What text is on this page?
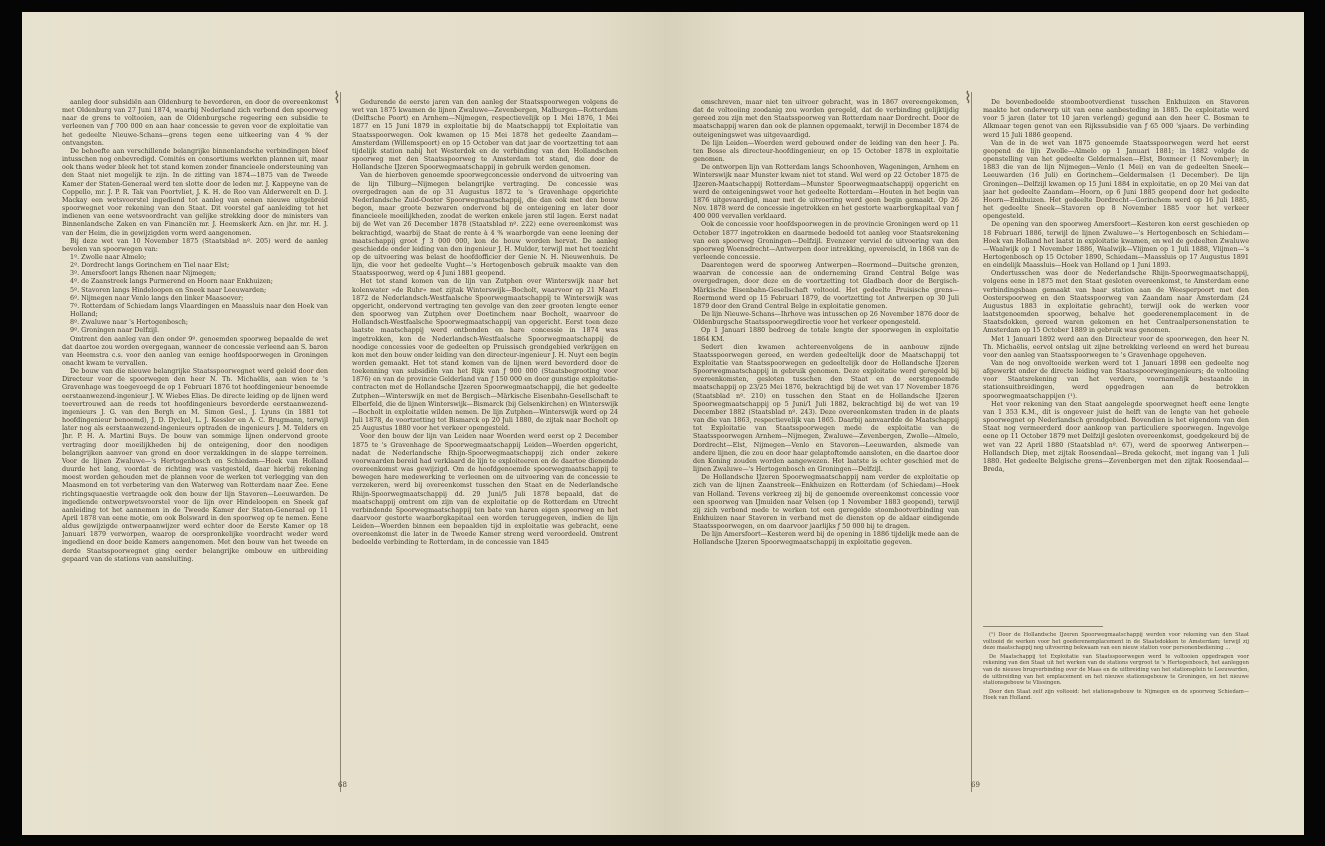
aanleg door subsidiën aan Oldenburg te bevorderen, en door de overeenkomst met Oldenburg van 27 Juni 1874, waarbij Nederland zich verbond den spoorweg naar de grens te voltooien, aan de Oldenburgsche regeering een subsidie te verleenen van ƒ 700 000 en aan haar concessie te geven voor de exploitatie van het gedeelte Nieuwe-Schans—grens tegen eene uitkeering van 4 % der ontvangsten.

De behoefte aan verschillende belangrijke binnenlandsche verbindingen bleef intusschen nog onbevredigd. Comités en consortiums werkten plannen uit, maar ook thans weder bleek het tot stand komen zonder financieele ondersteuning van den Staat niet mogelijk te zijn. In de zitting van 1874—1875 van de Tweede Kamer der Staten-Generaal werd ten slotte door de leden mr. J. Kappeyne van de Coppello, mr. J. P. R. Tak van Poortvliet, J. K. H. de Roo van Alderwerelt en D. J. Mackay een wetsvoorstel ingediend tot aanleg van eenen nieuwe uitgebreid spoorwegnet voor rekening van den Staat. Dit voorstel gaf aanleiding tot het indienen van eene wetsvoordracht van gelijke strekking door de ministers van Binnenlandsche Zaken en van Financiën mr. J. Heemskerk Azn. en jhr. mr. H. J. van der Heim, die in gewijzigden vorm werd aangenomen.

Bij deze wet van 10 November 1875 (Staatsblad nº. 205) werd de aanleg bevolen van spoorwegen van:

1º. Zwolle naar Almelo;

2º. Dordrecht langs Gorinchem en Tiel naar Elst;

3º. Amersfoort langs Rhenen naar Nijmegen;

4º. de Zaanstreek langs Purmerend en Hoorn naar Enkhuizen;

5º. Stavoren langs Hindeloopen en Sneek naar Leeuwarden;

6º. Nijmegen naar Venlo langs den linker Maasoever;

7º. Rotterdam of Schiedam langs Vlaardingen en Maassluis naar den Hoek van Holland;

8º. Zwaluwe naar 's Hertogenbosch;

9º. Groningen naar Delfzijl.

Omtrent den aanleg van den onder 9º. genoemden spoorweg bepaalde de wet dat daartoe zou worden overgegaan, wanneer de concessie verleend aan S. baron van Heemstra c.s. voor den aanleg van eenige hoofdspoorwegen in Groningen onacht kwam te vervallen.

De bouw van die nieuwe belangrijke Staatsspoorwegnet werd geleid door den Directeur voor de spoorwegen den heer N. Th. Michaëlis, aan wien te 's Gravenhage was toegevoegd de op 1 Februari 1876 tot hoofdingenieur benoemde eerstaanwezend-ingenieur J. W. Wiebes Elias. De directe leiding op de lijnen werd toevertrouwd aan de reeds tot hoofdingenieurs bevorderde eerstaanwezend-ingenieurs J. G. van den Bergh en M. Simon Gesl., J. Lyuns (in 1881 tot hoofdingenieur benoemd), J. D. Dyckel, L. J. Kessler en A. C. Brugmann, terwijl later nog als eerstaanwezend-ingenieurs optraden de ingenieurs J. M. Telders en Jhr. P. H. A. Martini Buys. De bouw van sommige lijnen ondervond groote vertraging door moeilijkheden bij de onteigening, door den noodigen belangrijken aanvoer van grond en door verzakkingen in de slappe terreinen. Voor de lijnen Zwaluwe—'s Hertogenbosch en Schiedam—Hoek van Holland duurde het lang, voordat de richting was vastgesteld, daar hierbij rekening moest worden gehouden met de plannen voor de werken tot verlegging van den Maasmond en tot verbetering van den Waterweg van Rotterdam naar Zee. Eene richtingsquaestie vertraagde ook den bouw der lijn Stavoren—Leeuwarden. De ingediende ontwerpwetsvoorstel voor de lijn over Hindeloopen en Sneek gaf aanleiding tot het aannemen in de Tweede Kamer der Staten-Generaal op 11 April 1878 van eene motie, om ook Bolsward in den spoorweg op te nemen. Eene aldus gewijzigde ontwerpaanwijzer werd echter door de Eerste Kamer op 18 Januari 1879 verworpen, waarop de oorspronkelijke voordracht weder werd ingediend en door beide Kamers aangenomen. Met den bouw van het tweede en derde Staatsspoorwegnet ging eerder belangrijke ombouw en uitbreiding gepaard van de stations van aansluiting.

⌇	Gedurende de eerste jaren van den aanleg der Staatsspoorwegen volgens de wet van 1875 kwamen de lijnen Zwaluwe—Zevenbergen, Malburgen—Rotterdam (Delftsche Poort) en Arnhem—Nijmegen, respectievelijk op 1 Mei 1876, 1 Mei 1877 en 15 Juni 1879 in exploitatie bij de Maatschappij tot Exploitatie van Staatsspoorwegen. Ook kwamen op 15 Mei 1878 het gedeelte Zaandam—Amsterdam (Willemspoort) en op 15 October van dat jaar de voortzetting tot aan tijdelijk station nabij het Westerdok en de verbinding van den Hollandschen spoorweg met den Staatsspoorweg te Amsterdam tot stand, die door de Hollandsche IJzeren Spoorwegmaatschappij in gebruik werden genomen.

Van de hierboven genoemde spoorwegconcessie ondervond de uitvoering van de lijn Tilburg—Nijmegen belangrijke vertraging. De concessie was overgedragen aan de op 31 Augustus 1872 te 's Gravenhage opgerichte Nederlandsche Zuid-Ooster Spoorwegmaatschappij, die dan ook met den bouw begon, maar groote bezwaren ondervond bij de onteigening en later door financieele moeilijkheden, zoodat de werken enkele jaren stil lagen. Eerst nadat bij de Wet van 26 December 1878 (Staatsblad nº. 222) eene overeenkomst was bekrachtigd, waarbij de Staat de rente à 4 % waarborgde van eene leening der maatschappij groot ƒ 3 000 000, kon de bouw worden hervat. De aanleg geschiedde onder leiding van den ingenieur J. H. Mulder, terwijl met het toezicht op de uitvoering was belast de hoofdofficier der Genie N. H. Nieuwenhuis. De lijn, die voor het gedeelte Vught—'s Hertogenbosch gebruik maakte van den Staatsspoorweg, werd op 4 Juni 1881 geopend.

Het tot stand komen van de lijn van Zutphen over Winterswijk naar het kolenwater »de Ruhr« met zijtak Winterswijk—Bocholt, waarvoor op 21 Maart 1872 de Nederlandsch-Westfaalsche Spoorwegmaatschappij te Winterswijk was opgericht, ondervond vertraging ten gevolge van den zeer grooten lengte eener den spoorweg van Zutphen over Doetinchem naar Bocholt, waarvoor de Hollandsch-Westfaalsche Spoorwegmaatschappij van opgericht. Eerst toen deze laatste maatschappij werd ontbonden en hare concessie in 1874 was ingetrokken, kon de Nederlandsch-Westfaalsche Spoorwegmaatschappij de noodige concessies voor de gedeelten op Pruissisch grondgebied verkrijgen en kon met den bouw onder leiding van den directeur-ingenieur J. H. Nuyt een begin worden gemaakt. Het tot stand komen van de lijnen werd bevorderd door de toekenning van subsidiën van het Rijk van ƒ 900 000 (Staatsbegrooting voor 1876) en van de provincie Gelderland van ƒ 150 000 en door gunstige exploitatie-contracten met de Hollandsche IJzeren Spoorwegmaatschappij, die het gedeelte Zutphen—Winterswijk en met de Bergisch—Märkische Eisenbahn-Gesellschaft te Elberfeld, die de lijnen Winterswijk—Bismarck (bij Gelsenkirchen) en Winterswijk—Bocholt in exploitatie wilden nemen. De lijn Zutphen—Winterswijk werd op 24 Juli 1878, de voortzetting tot Bismarck op 20 Juli 1880, de zijtak naar Bocholt op 25 Augustus 1880 voor het verkeer opengesteld.

Voor den bouw der lijn van Leiden naar Woerden werd eerst op 2 December 1875 te 's Gravenhage de Spoorwegmaatschappij Leiden—Woerden opgericht, nadat de Nederlandsche Rhijn-Spoorwegmaatschappij zich onder zekere voorwaarden bereid had verklaard de lijn te exploiteeren en de daartoe dienende overeenkomst was gewijzigd. Om de hoofdgenoemde spoorwegmaatschappij te bewegen hare medewerking te verleenen om de uitvoering van de concessie te verzekeren, werd bij overeenkomst tusschen den Staat en de Nederlandsche Rhijn-Spoorwegmaatschappij dd. 29 Juni/5 Juli 1878 bepaald, dat de maatschappij omtrent om zijn van de exploitatie op de Rotterdam en Utrecht verbindende Spoorwegmaatschappij ten bate van haren eigen spoorweg en het daarvoor gestorte waarborgkapitaal een worden teruggegeven, indien de lijn Leiden—Woerden binnen een bepaalden tijd in exploitatie was gebracht, eene overeenkomst die later in de Tweede Kamer streng werd veroordeeld. Omtrent bedoelde verbinding te Rotterdam, in de concessie van 1845

68

omschreven, maar niet ten uitvoer gebracht, was in 1867 overeengekomen, dat de voltooiing zoodanig zou worden geregeld, dat de verbinding gelijktijdig gereed zou zijn met den Staatsspoorweg van Rotterdam naar Dordrecht. Door de maatschappij waren dan ook de plannen opgemaakt, terwijl in December 1874 de outeigeningswet was uitgevaardigd.

De lijn Leiden—Woerden werd gebouwd onder de leiding van den heer J. Pa. ten Bosse als directeur-hoofdingenieur, en op 15 October 1878 in exploitatie genomen.

De ontworpen lijn van Rotterdam langs Schoonhoven, Wageningen, Arnhem en Winterswijk naar Munster kwam niet tot stand. Wel werd op 22 October 1875 de IJzeren-Maatschappij Rotterdam—Munster Spoorwegmaatschappij opgericht en werd de onteigeningswet voor het gedeelte Rotterdam—Houten in het begin van 1876 uitgevaardigd, maar met de uitvoering werd geen begin gemaakt. Op 26 Nov. 1878 werd de concessie ingetrokken en het gestorte waarborgkapitaal van ƒ 400 000 vervallen verklaard.

Ook de concessie voor hoofdspoorwegen in de provincie Groningen werd op 11 October 1877 ingetrokken en daarmede bedoeld tot aanleg voor Staatsrekening van een spoorweg Groningen—Delfzijl. Evenzeer verviel de uitvoering van den spoorweg Woensdrecht—Antwerpen door intrekking, opvereiscld, in 1868 van de verleende concessie.

Daarentegen werd de spoorweg Antwerpen—Roermond—Duitsche grenzen, waarvan de concessie aan de onderneming Grand Central Belge was overgedragen, door deze en de voortzetting tot Gladbach door de Bergisch-Märkische Eisenbahn-Gesellschaft voltooid. Het gedeelte Pruisische grens—Roermond werd op 15 Februari 1879, de voortzetting tot Antwerpen op 30 Juli 1879 door den Grand Central Belge in exploitatie genomen.

De lijn Nieuwe-Schans—Ihrhove was intusschen op 26 November 1876 door de Oldenburgsche Staatsspoorwegdirectie voor het verkeer opengesteld.

Op 1 Januari 1880 bedroeg de totale lengte der spoorwegen in exploitatie 1864 KM.

Sedert dien kwamen achtereenvolgens de in aanbouw zijnde Staatsspoorwegen gereed, en werden gedeeltelijk door de Maatschappij tot Exploitatie van Staatsspoorwegen en gedeeltelijk door de Hollandsche IJzeren Spoorwegmaatschappij in gebruik genomen. Deze exploitatie werd geregeld bij overeenkomsten, gesloten tusschen den Staat en de eerstgenoemde maatschappij op 23/25 Mei 1876, bekrachtigd bij de wet van 17 November 1876 (Staatsblad nº. 210) en tusschen den Staat en de Hollandsche IJzeren Spoorwegmaatschappij op 5 Juni/1 Juli 1882, bekrachtigd bij de wet van 19 December 1882 (Staatsblad nº. 243). Deze overeenkomsten traden in de plaats van die van 1863, respectievelijk van 1865. Daarbij aanvaardde de Maatschappij tot Exploitatie van Staatsspoorwegen mede de exploitatie van de Staatsspoorwegen Arnhem—Nijmegen, Zwaluwe—Zevenbergen, Zwolle—Almelo, Dordrecht—Elst, Nijmegen—Venlo en Stavoren—Leeuwarden, alsmede van andere lijnen, die zou en door haar gelaptoftomde aansloten, en die daartoe door den Koning zouden worden aangewezen. Het laatste is echter geschied met de lijnen Zwaluwe—'s Hertogenbosch en Groningen—Delfzijl.

De Hollandsche IJzeren Spoorwegmaatschappij nam verder de exploitatie op zich van de lijnen Zaanstreek—Enkhuizen en Rotterdam (of Schiedam)—Hoek van Holland. Tevens verkreeg zij bij de genoemde overeenkomst concessie voor een spoorweg van IJmuiden naar Velsen (op 1 November 1883 geopend), terwijl zij zich verbond mede te werken tot een geregelde stoombootverbinding van Enkhuizen naar Stavoren in verband met de diensten op de aldaar eindigende Staatsspoorwegen, en om daarvoor jaarlijks ƒ 50 000 bij te dragen.

De lijn Amersfoort—Kesteren werd bij de opening in 1886 tijdelijk mede aan de Hollandsche IJzeren Spoorwegmaatschappij in exploitatie gegeven.

⌇	De bovenbedoelde stoombootverdienst tusschen Enkhuizen en Stavoren maakte het onderwerp uit van eene aanbesteding in 1885. De exploitatie werd voor 5 jaren (later tot 10 jaren verlengd) gegund aan den heer C. Bosman te Alkmaar tegen genot van een Rijkssubsidie van ƒ 65 000 'sjaars. De verbinding werd 15 Juli 1886 geopend.

Van de in de wet van 1875 genoemde Staatsspoorwegen werd het eerst geopend de lijn Zwolle—Almelo op 1 Januari 1881; in 1882 volgde de openstelling van het gedeelte Geldermalsen—Elst, Boxmeer (1 November); in 1883 die van de lijn Nijmegen—Venlo (1 Mei) en van de gedeelten Sneek—Leeuwarden (16 Juli) en Gorinchem—Geldermalsen (1 December). De lijn Groningen—Delfzijl kwamen op 15 Juni 1884 in exploitatie, en op 20 Mei van dat jaar het gedeelte Zaandam—Hoorn, op 6 Juni 1885 geopend door het gedeelte Hoorn—Enkhuizen. Het gedeelte Dordrecht—Gorinchem werd op 16 Juli 1885, het gedeelte Sneek—Stavoren op 8 November 1885 voor het verkeer opengesteld.

De opening van den spoorweg Amersfoort—Kesteren kon eerst geschieden op 18 Februari 1886, terwijl de lijnen Zwaluwe—'s Hertogenbosch en Schiedam—Hoek van Holland het laatst in exploitatie kwamen, en wel de gedeelten Zwaluwe—Waalwijk op 1 November 1886, Waalwijk—Vlijmen op 1 Juli 1888, Vlijmen—'s Hertogenbosch op 15 October 1890, Schiedam—Maassluis op 17 Augustus 1891 en eindelijk Maassluis—Hoek van Holland op 1 Juni 1893.

Ondertusschen was door de Nederlandsche Rhijn-Spoorwegmaatschappij, volgens eene in 1875 met den Staat gesloten overeenkomst, te Amsterdam eene verbindingsbaan gemaakt van haar station aan de Weesperpoort met den Oosterspoorweg en den Staatsspoorweg van Zaandam naar Amsterdam (24 Augustus 1883 in exploitatie gebracht), terwijl ook de werken voor laatstgenoemden spoorweg, behalve het goederenemplacement in de Staatsdokken, gereed waren gekomen en het Centraalpersonenstation te Amsterdam op 15 October 1889 in gebruik was genomen.

Met 1 Januari 1892 werd aan den Directeur voor de spoorwegen, den heer N. Th. Michaëlis, eervol ontslag uit zijne betrekking verleend en werd het bureau voor den aanleg van Staatsspoorwegen te 's Gravenhage opgeheven.

Van de nog onvoltooide werken werd tot 1 Januari 1898 een gedeelte nog afgewerkt onder de directe leiding van Staatsspoorwegingenieurs; de voltooiing voor Staatsrekening van het verdere, voornamelijk bestaande in stationsuitbreidingen, werd opgedragen aan de betrokken spoorwegmaatschappijen (¹).

Het voor rekening van den Staat aangelegde spoorwegnet heeft eene lengte van 1 353 K.M., dit is ongeveer juist de helft van de lengte van het geheele spoorwegnet op Nederlandsch grondgebied. Bovendien is het eigendom van den Staat nog vermeerderd door aankoop van particuliere spoorwegen. Ingevolge eene op 11 October 1879 met Delfzijl gesloten overeenkomst, goedgekeurd bij de wet van 22 April 1880 (Staatsblad nº. 67), werd de spoorweg Antwerpen—Hollandsch Diep, met zijtak Roosendaal—Breda gekocht, met ingang van 1 Juli 1880. Het gedeelte Belgische grens—Zevenbergen met den zijtak Roosendaal—Breda,

(¹) Door de Hollandsche IJzeren Spoorwegmaatschappij werden voor rekening van den Staat voltooid de werken voor het goederenemplacement in de Staatsdokken te Amsterdam; terwijl zij deze maatschappij nog uitvoering bekwaam van een nieuw station voor personenbediening ...

De Maatschappij tot Exploitatie van Staatsspoorwegen werd te voltooien opgedragen voor rekening van den Staat uit het werken van de stations vergroot te 's Hertogenbosch, het aanleggen van de nieuwe brugverbinding over de Maas en de uitbreiding van het stationsplein te Leeuwarden, de uitbreiding van het emplacement en het nieuwe stationsgebouw te Groningen, en het nieuwe stationsgebouw te Vlissingen.

Door den Staat zelf zijn voltooid: het stationsgebouw te Nijmegen en de spoorweg Schiedam—Hoek van Holland.

69
